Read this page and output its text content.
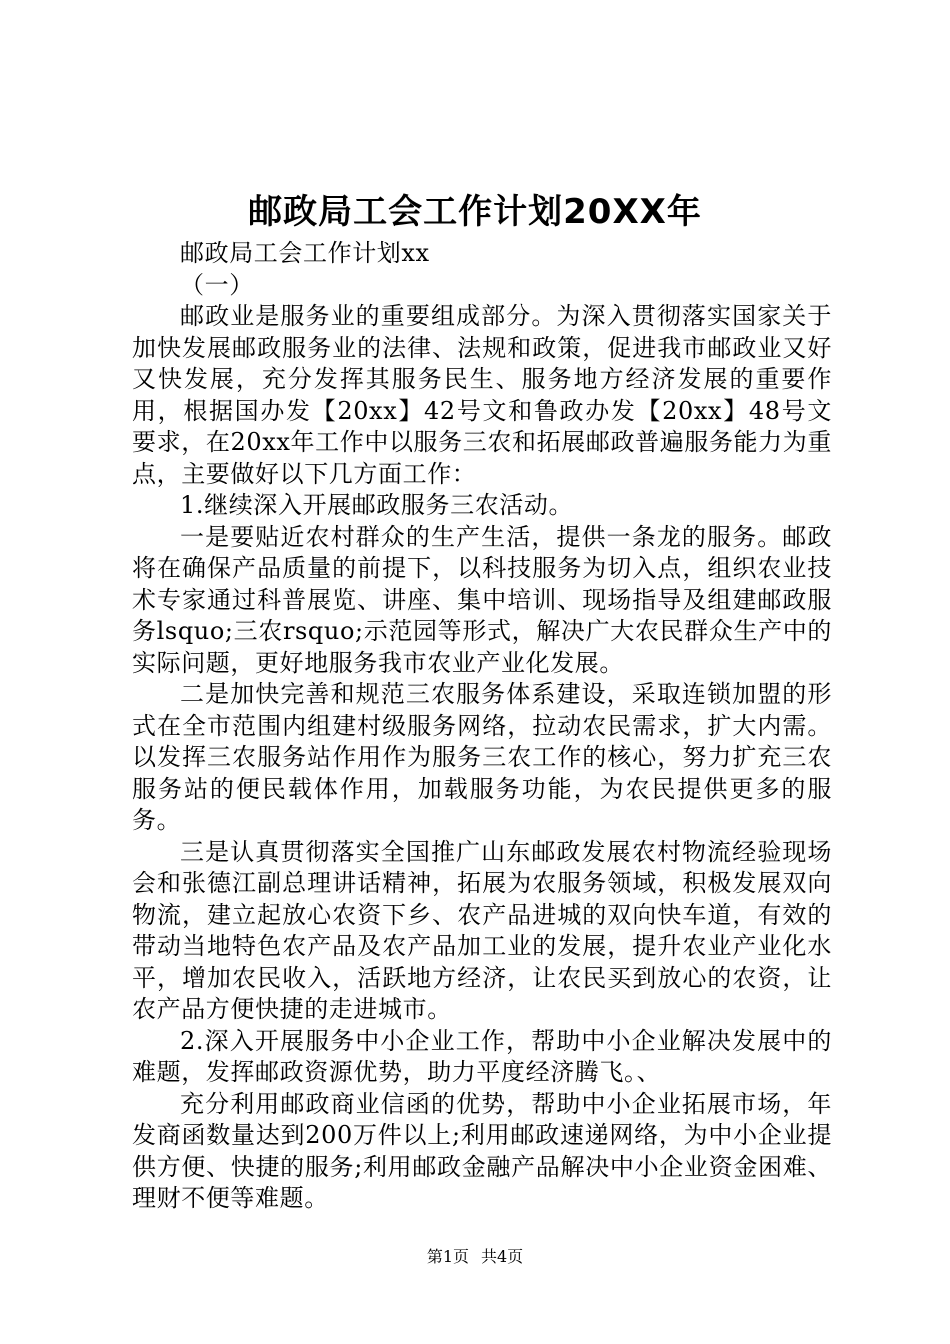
邮政局工会工作计划20XX年

邮政局工会工作计划xx

（一）

邮政业是服务业的重要组成部分。为深入贯彻落实国家关于加快发展邮政服务业的法律、法规和政策，促进我市邮政业又好又快发展，充分发挥其服务民生、服务地方经济发展的重要作用，根据国办发【20xx】42号文和鲁政办发【20xx】48号文要求，在20xx年工作中以服务三农和拓展邮政普遍服务能力为重点，主要做好以下几方面工作：

1.继续深入开展邮政服务三农活动。

一是要贴近农村群众的生产生活，提供一条龙的服务。邮政将在确保产品质量的前提下，以科技服务为切入点，组织农业技术专家通过科普展览、讲座、集中培训、现场指导及组建邮政服务lsquo;三农rsquo;示范园等形式，解决广大农民群众生产中的实际问题，更好地服务我市农业产业化发展。

二是加快完善和规范三农服务体系建设，采取连锁加盟的形式在全市范围内组建村级服务网络，拉动农民需求，扩大内需。以发挥三农服务站作用作为服务三农工作的核心，努力扩充三农服务站的便民载体作用，加载服务功能，为农民提供更多的服务。

三是认真贯彻落实全国推广山东邮政发展农村物流经验现场会和张德江副总理讲话精神，拓展为农服务领域，积极发展双向物流，建立起放心农资下乡、农产品进城的双向快车道，有效的带动当地特色农产品及农产品加工业的发展，提升农业产业化水平，增加农民收入，活跃地方经济，让农民买到放心的农资，让农产品方便快捷的走进城市。

2.深入开展服务中小企业工作，帮助中小企业解决发展中的难题，发挥邮政资源优势，助力平度经济腾飞。、

充分利用邮政商业信函的优势，帮助中小企业拓展市场，年发商函数量达到200万件以上;利用邮政速递网络，为中小企业提供方便、快捷的服务;利用邮政金融产品解决中小企业资金困难、理财不便等难题。

第1页 共4页
